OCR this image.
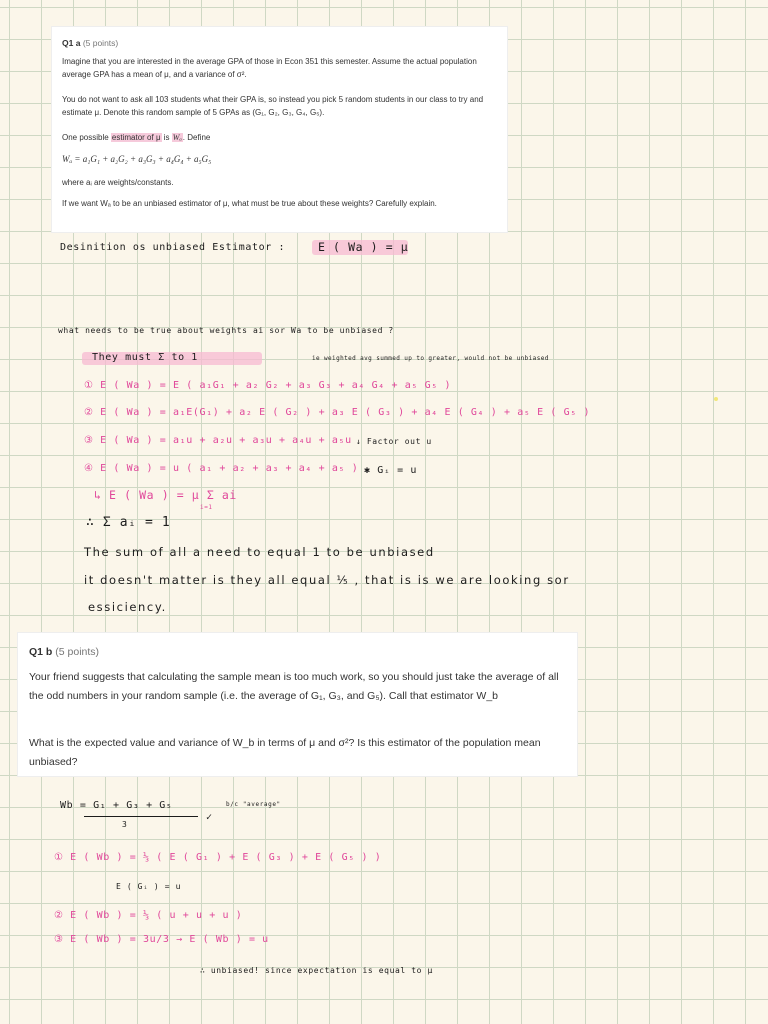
Q1 a (5 points)

Imagine that you are interested in the average GPA of those in Econ 351 this semester. Assume the actual population average GPA has a mean of μ, and a variance of σ².

You do not want to ask all 103 students what their GPA is, so instead you pick 5 random students in our class to try and estimate μ. Denote this random sample of 5 GPAs as (G₁, G₂, G₃, G₄, G₅).

One possible estimator of μ is Wₐ. Define

Wₐ = a₁G₁ + a₂G₂ + a₃G₃ + a₄G₄ + a₅G₅

where aᵢ are weights/constants.

If we want Wₐ to be an unbiased estimator of μ, what must be true about these weights? Carefully explain.

Desinition os unbiased Estimator :	E ( Wa ) = μ
what needs to be true about weights ai sor Wa to be unbiased ?
They must Σ to 1	ie weighted avg summed up to greater, would not be unbiased
① E ( Wa ) = E ( a₁G₁ + a₂ G₂ + a₃ G₃ + a₄ G₄ + a₅ G₅ )
② E ( Wa ) = a₁E(G₁) + a₂ E ( G₂ ) + a₃ E ( G₃ ) + a₄ E ( G₄ ) + a₅ E ( G₅ )
③ E ( Wa ) = a₁u + a₂u + a₃u + a₄u + a₅u ↓ Factor out u
④ E ( Wa ) = u ( a₁ + a₂ + a₃ + a₄ + a₅ ) ✱ Gᵢ = u
↳ E ( Wa ) = μ Σ ai
i=1
∴ Σ aᵢ = 1
The sum of all a need to equal 1 to be unbiased
it doesn't matter is they all equal ⅕ , that is is we are looking sor
essiciency.
Q1 b (5 points)

Your friend suggests that calculating the sample mean is too much work, so you should just take the average of all the odd numbers in your random sample (i.e. the average of G₁, G₃, and G₅). Call that estimator W_b

What is the expected value and variance of W_b in terms of μ and σ²? Is this estimator of the population mean unbiased?

Wb = G₁ + G₃ + G₅
3
✓
b/c "average"
① E ( Wb ) = ⅓ ( E ( G₁ ) + E ( G₃ ) + E ( G₅ ) )
E ( Gᵢ ) = u
② E ( Wb ) = ⅓ ( u + u + u )
③ E ( Wb ) = 3u/3 → E ( Wb ) = u
∴ unbiased! since expectation is equal to μ
